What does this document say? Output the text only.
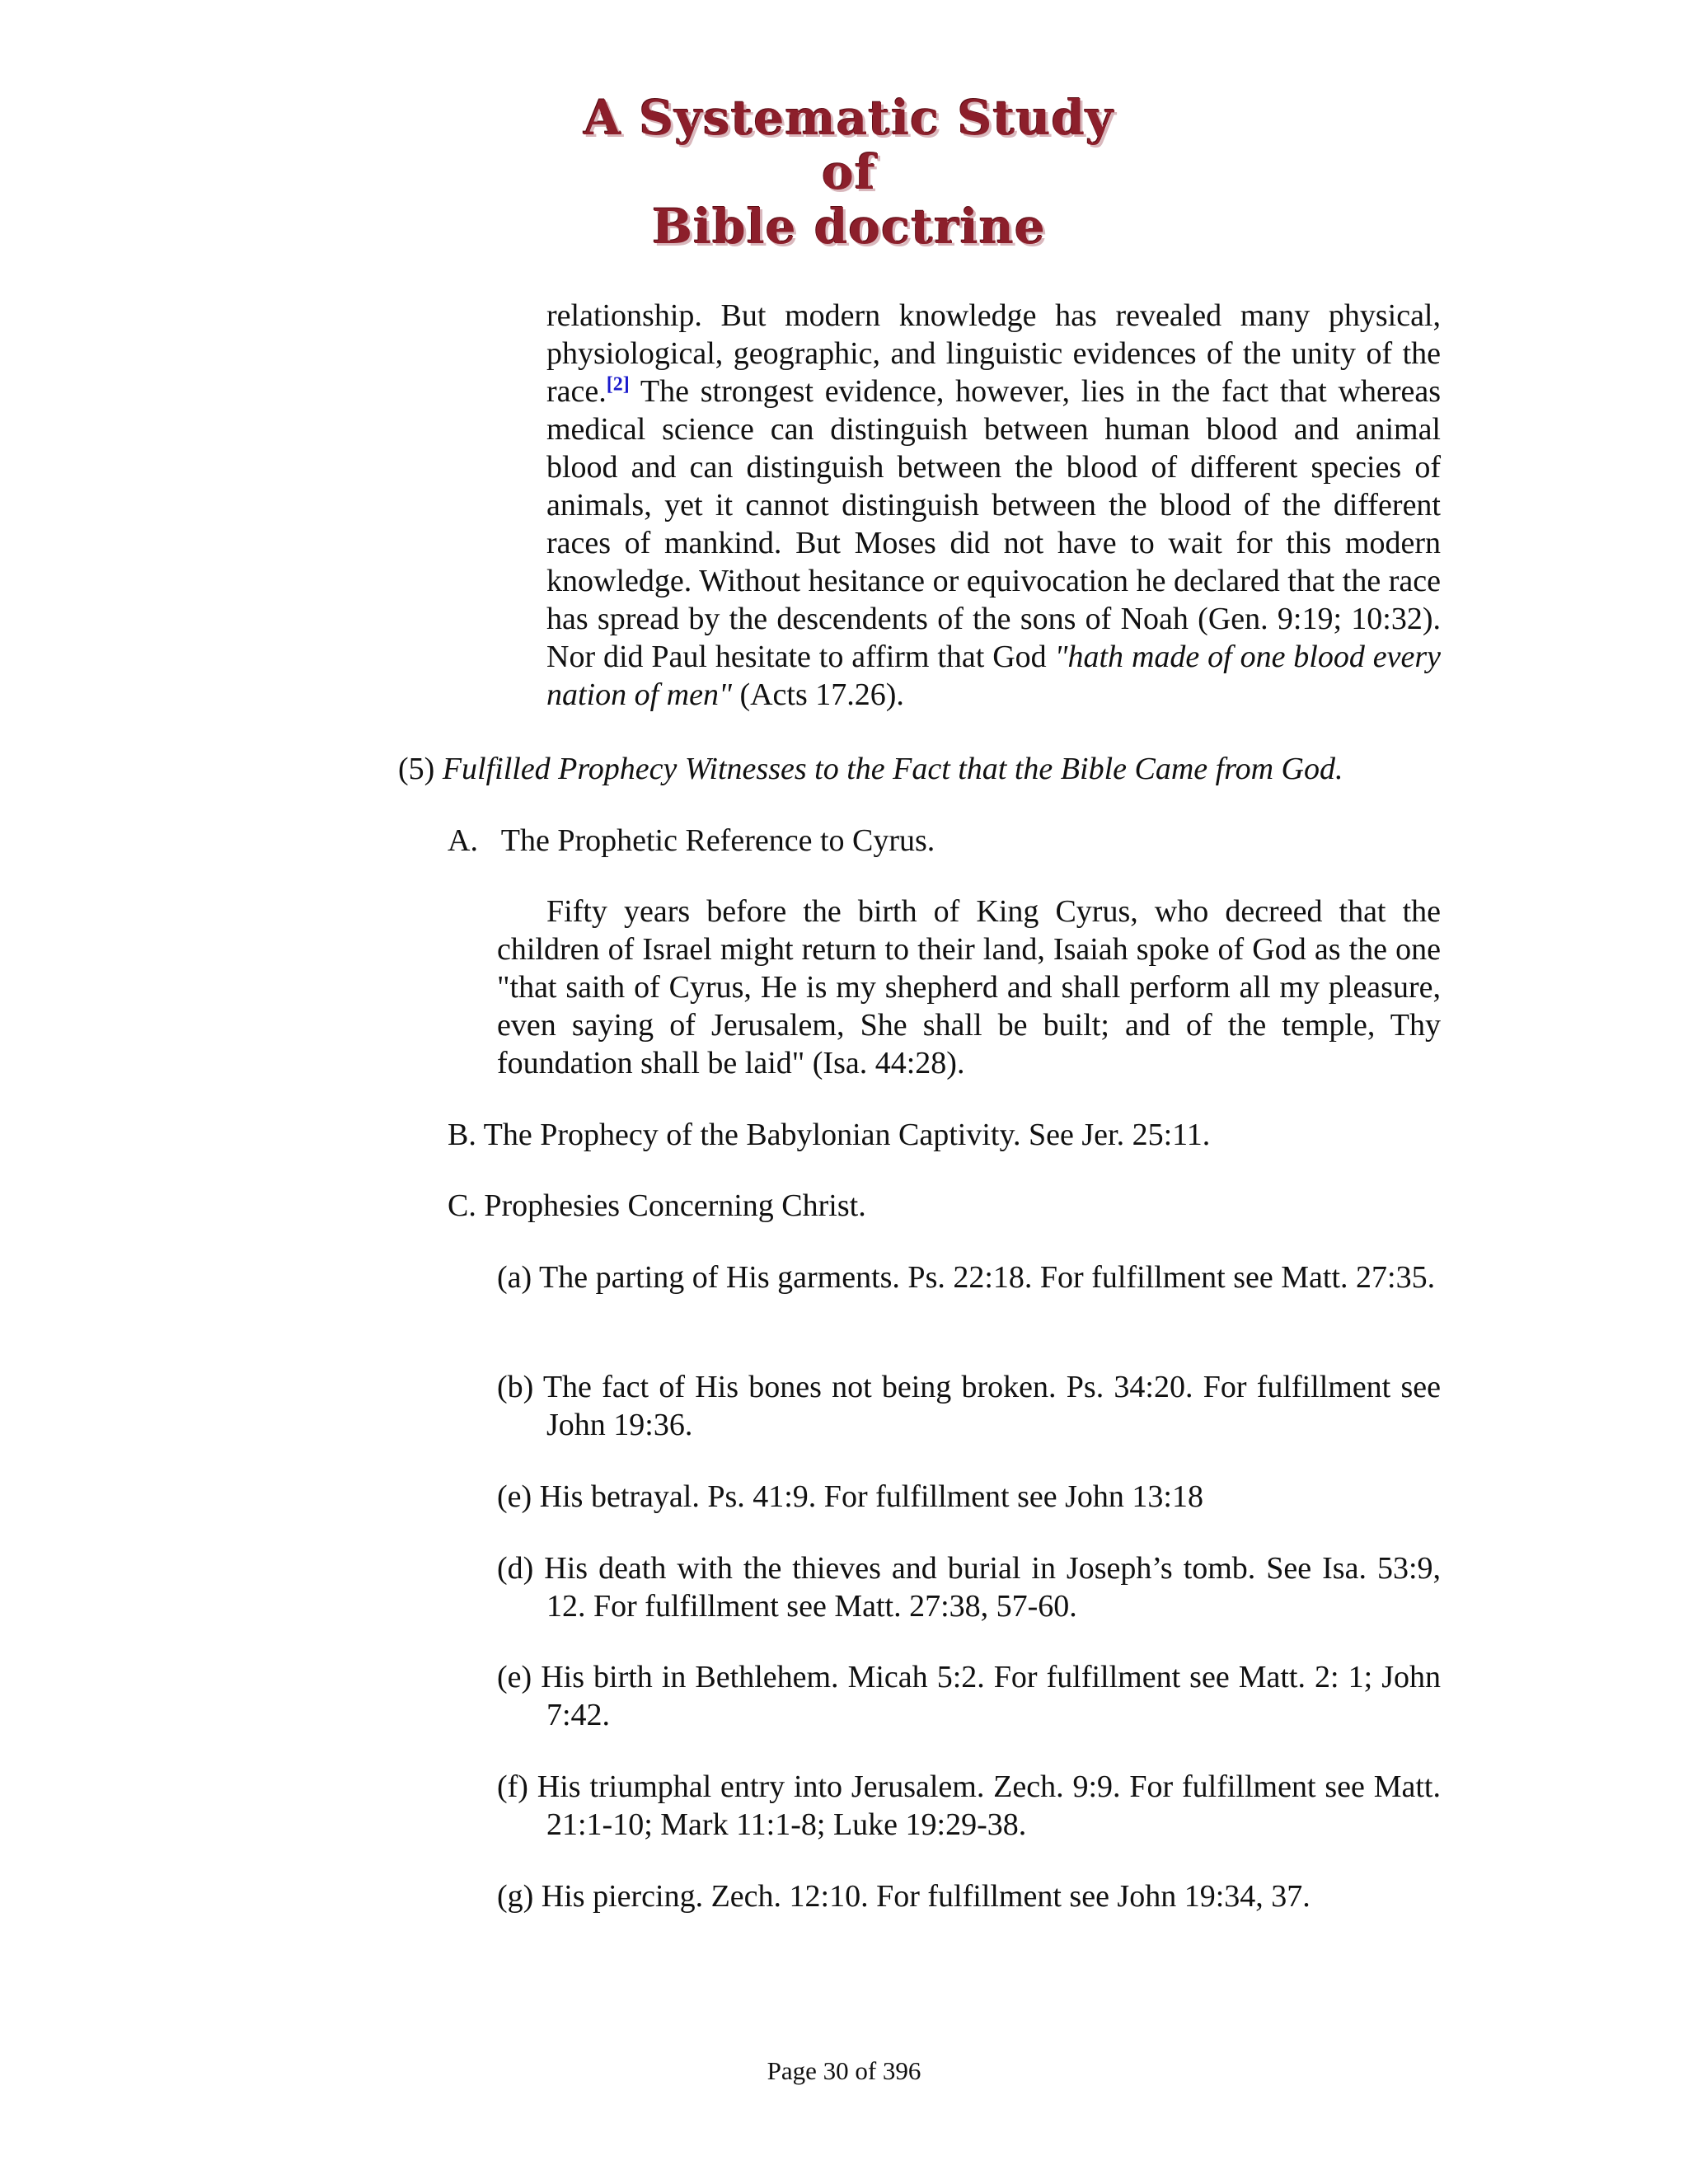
A Systematic Study of
Bible doctrine
relationship. But modern knowledge has revealed many physical, physiological, geographic, and linguistic evidences of the unity of the race.[2] The strongest evidence, however, lies in the fact that whereas medical science can distinguish between human blood and animal blood and can distinguish between the blood of different species of animals, yet it cannot distinguish between the blood of the different races of mankind. But Moses did not have to wait for this modern knowledge. Without hesitance or equivocation he declared that the race has spread by the descendents of the sons of Noah (Gen. 9:19; 10:32). Nor did Paul hesitate to affirm that God "hath made of one blood every nation of men" (Acts 17.26).
(5) Fulfilled Prophecy Witnesses to the Fact that the Bible Came from God.
A.   The Prophetic Reference to Cyrus.
Fifty years before the birth of King Cyrus, who decreed that the children of Israel might return to their land, Isaiah spoke of God as the one "that saith of Cyrus, He is my shepherd and shall perform all my pleasure, even saying of Jerusalem, She shall be built; and of the temple, Thy foundation shall be laid" (Isa. 44:28).
B. The Prophecy of the Babylonian Captivity. See Jer. 25:11.
C. Prophesies Concerning Christ.
(a) The parting of His garments. Ps. 22:18. For fulfillment see Matt. 27:35.
(b) The fact of His bones not being broken. Ps. 34:20. For fulfillment see John 19:36.
(e) His betrayal. Ps. 41:9. For fulfillment see John 13:18
(d) His death with the thieves and burial in Joseph’s tomb. See Isa. 53:9, 12. For fulfillment see Matt. 27:38, 57-60.
(e) His birth in Bethlehem. Micah 5:2. For fulfillment see Matt. 2: 1; John 7:42.
(f) His triumphal entry into Jerusalem. Zech. 9:9. For fulfillment see Matt. 21:1-10; Mark 11:1-8; Luke 19:29-38.
(g) His piercing. Zech. 12:10. For fulfillment see John 19:34, 37.
Page 30 of 396
